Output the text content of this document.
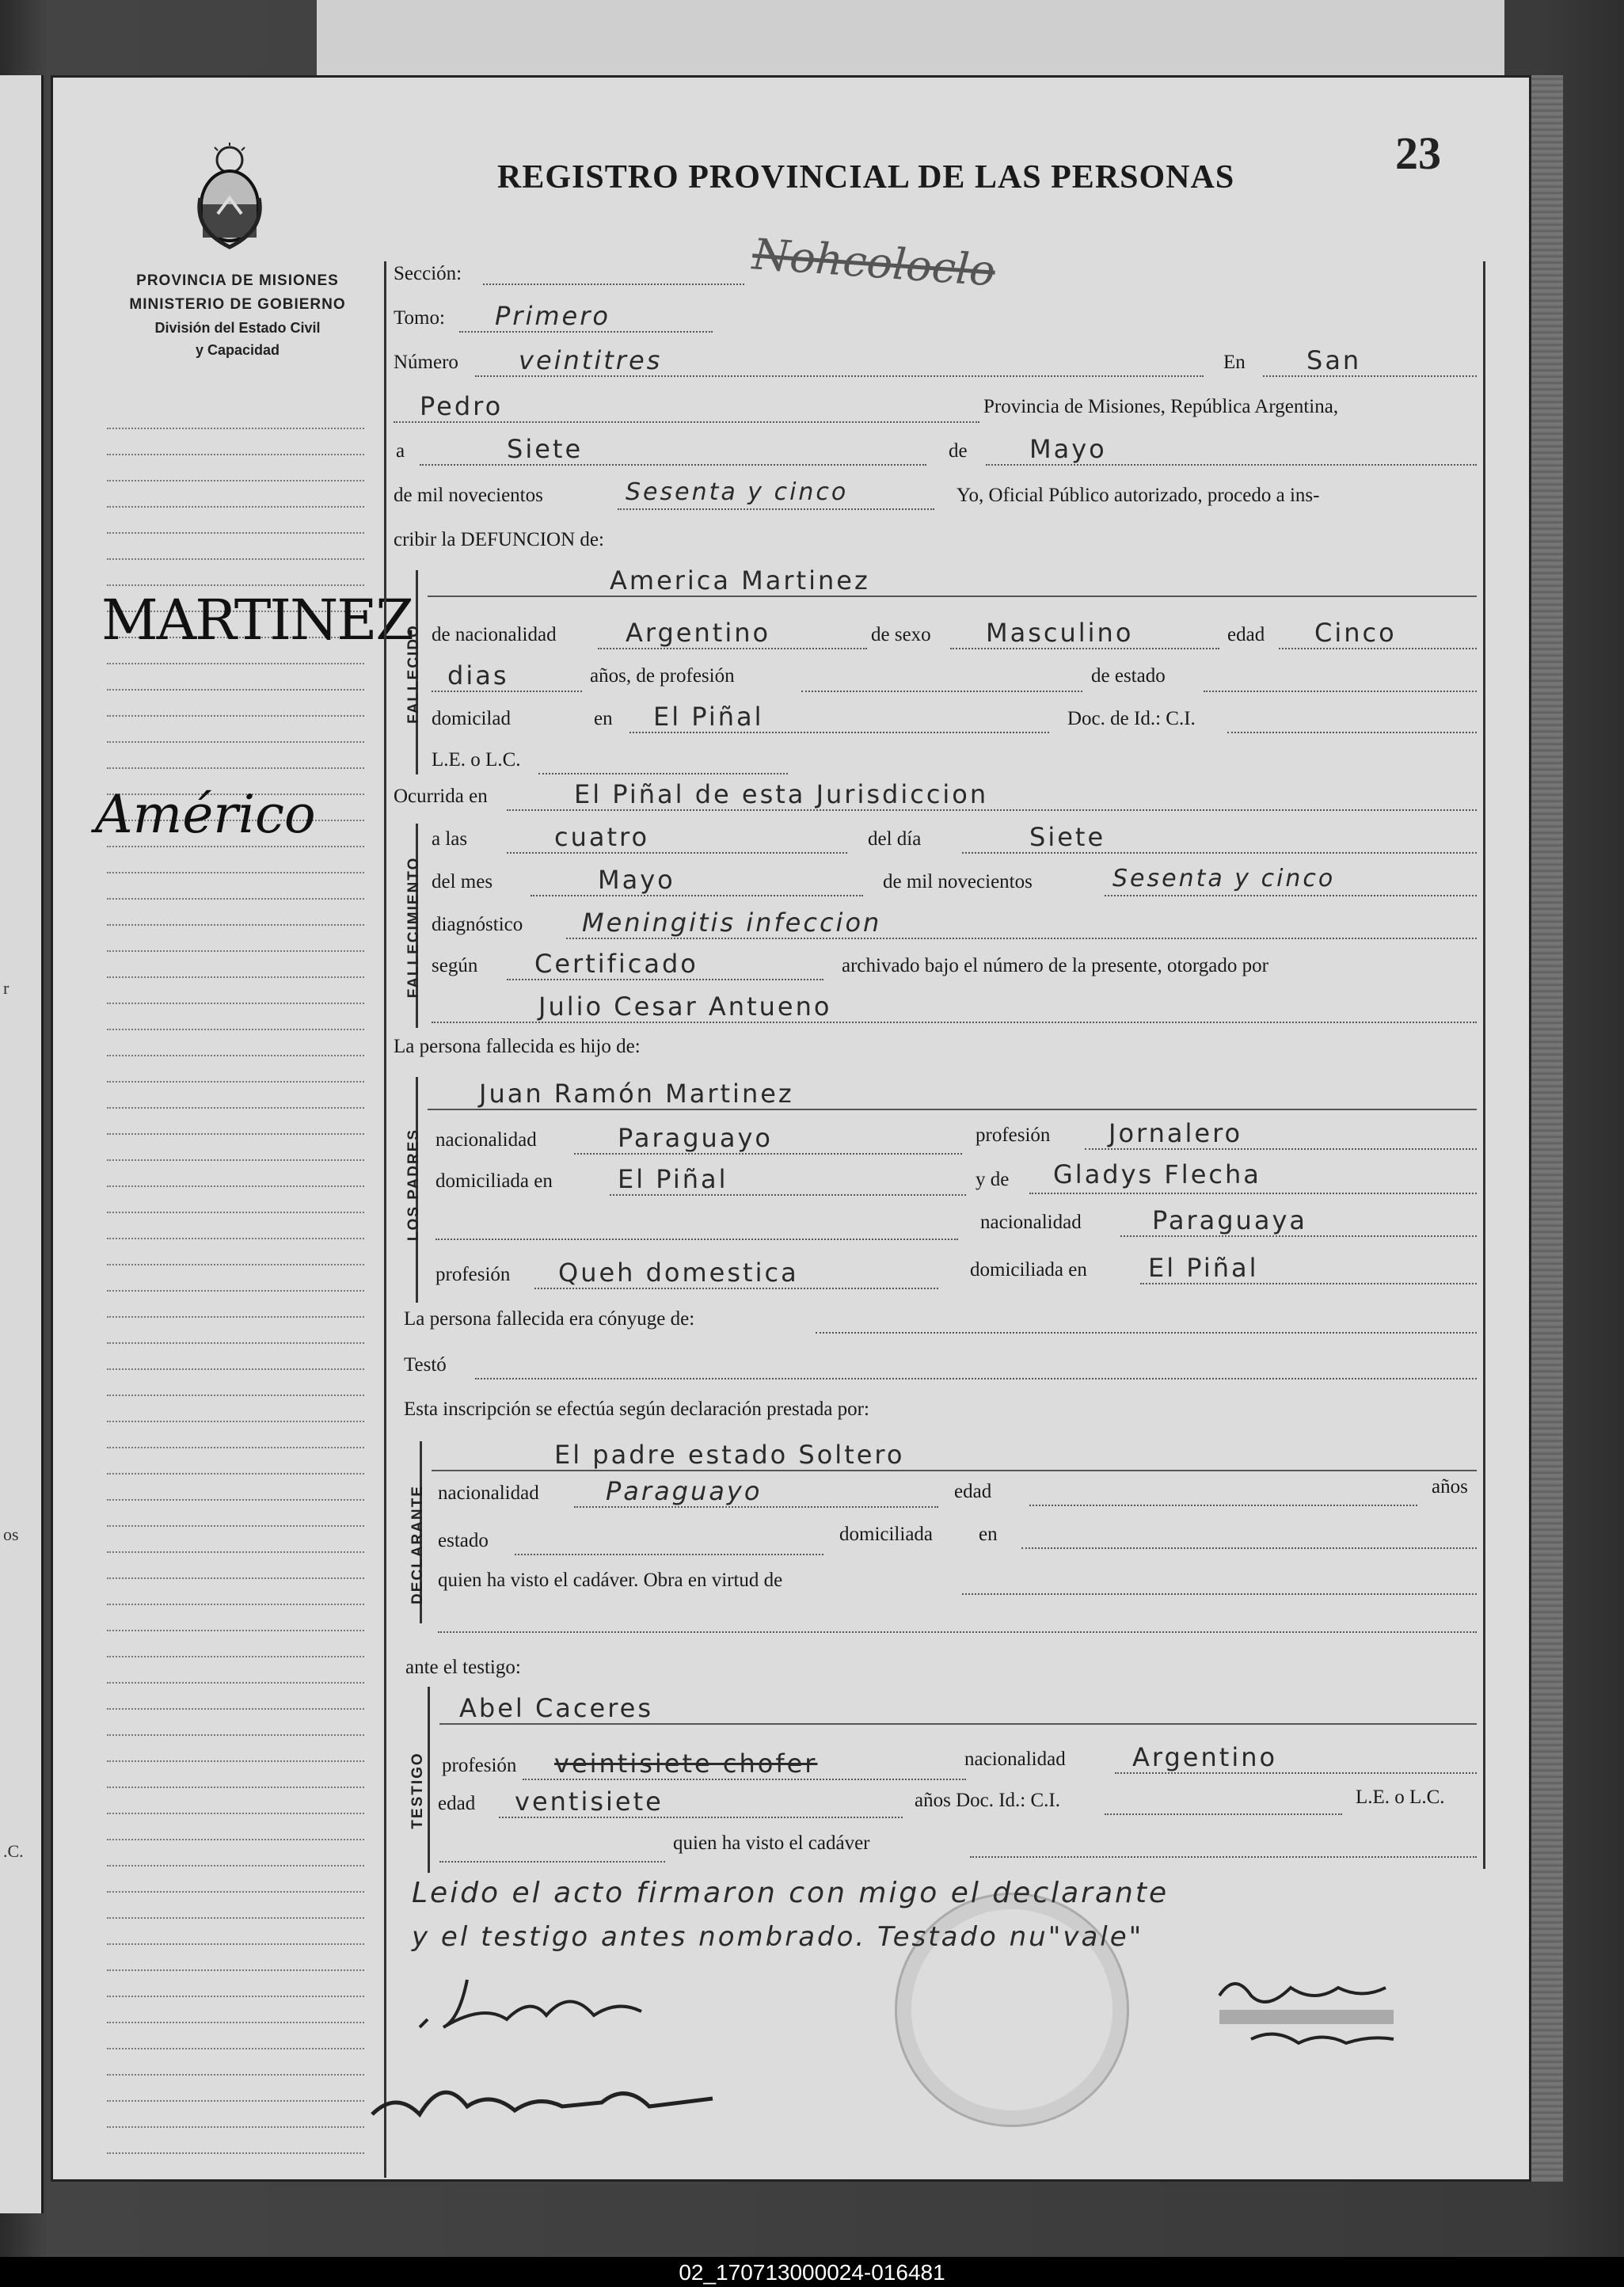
r
os
.C.
PROVINCIA DE MISIONES
MINISTERIO DE GOBIERNO
División del Estado Civil
y Capacidad
REGISTRO PROVINCIAL DE LAS PERSONAS	23
Nohcoloclo
MARTINEZ
Américo
Sección:
Tomo: Primero
Número veintitres	En San
Pedro	Provincia de Misiones, República Argentina,
a	Siete	de Mayo
de mil novecientos	Sesenta y cinco	Yo, Oficial Público autorizado, procedo a ins-
cribir la DEFUNCION de:
FALLECIDO
America Martinez
de nacionalidad	Argentino	de sexo Masculino	edad Cinco
dias	años, de profesión	de estado
domicilad	en El Piñal	Doc. de Id.: C.I.
L.E. o L.C.
Ocurrida en	El Piñal de esta Jurisdiccion
FALLECIMIENTO
a las	cuatro	del día	Siete
del mes	Mayo	de mil novecientos	Sesenta y cinco
diagnóstico Meningitis infeccion
según Certificado	archivado bajo el número de la presente, otorgado por
Julio Cesar Antueno
La persona fallecida es hijo de:
LOS PADRES
Juan Ramón Martinez
nacionalidad	Paraguayo	profesión Jornalero
domiciliada en	El Piñal	y de Gladys Flecha
nacionalidad	Paraguaya
profesión Queh domestica	domiciliada en El Piñal
La persona fallecida era cónyuge de:
Testó
Esta inscripción se efectúa según declaración prestada por:
DECLARANTE
El padre estado Soltero
nacionalidad	Paraguayo	edad	años
estado	domiciliada en
quien ha visto el cadáver. Obra en virtud de
ante el testigo:
TESTIGO
Abel Caceres
profesión veintisiete chofer	nacionalidad	Argentino
edad ventisiete	años Doc. Id.: C.I.	L.E. o L.C.
quien ha visto el cadáver
Leido el acto firmaron con migo el declarante
y el testigo antes nombrado. Testado nu"vale"
02_170713000024-016481
